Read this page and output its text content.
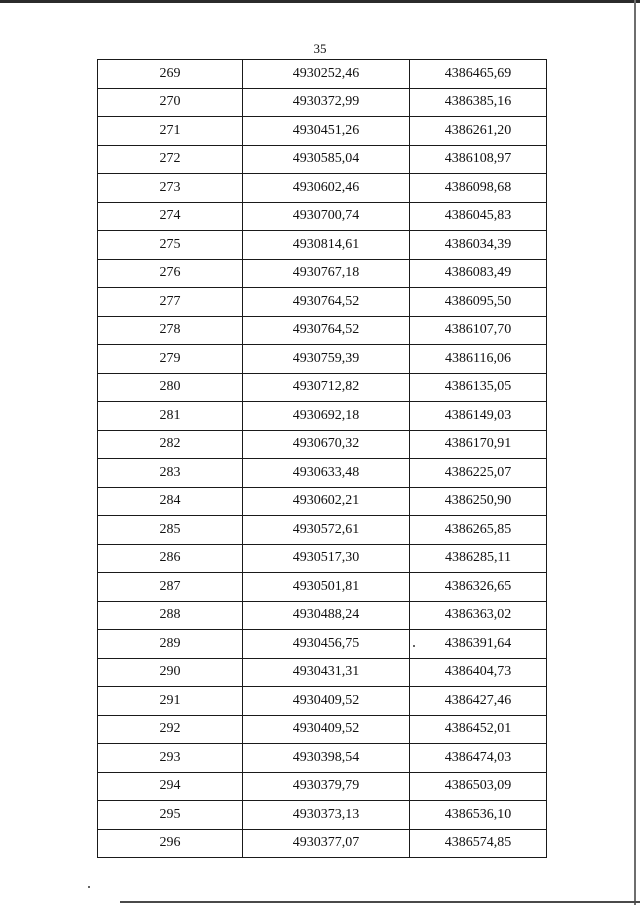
35
269	4930252,46	4386465,69
270	4930372,99	4386385,16
271	4930451,26	4386261,20
272	4930585,04	4386108,97
273	4930602,46	4386098,68
274	4930700,74	4386045,83
275	4930814,61	4386034,39
276	4930767,18	4386083,49
277	4930764,52	4386095,50
278	4930764,52	4386107,70
279	4930759,39	4386116,06
280	4930712,82	4386135,05
281	4930692,18	4386149,03
282	4930670,32	4386170,91
283	4930633,48	4386225,07
284	4930602,21	4386250,90
285	4930572,61	4386265,85
286	4930517,30	4386285,11
287	4930501,81	4386326,65
288	4930488,24	4386363,02
289	4930456,75	4386391,64
290	4930431,31	4386404,73
291	4930409,52	4386427,46
292	4930409,52	4386452,01
293	4930398,54	4386474,03
294	4930379,79	4386503,09
295	4930373,13	4386536,10
296	4930377,07	4386574,85
